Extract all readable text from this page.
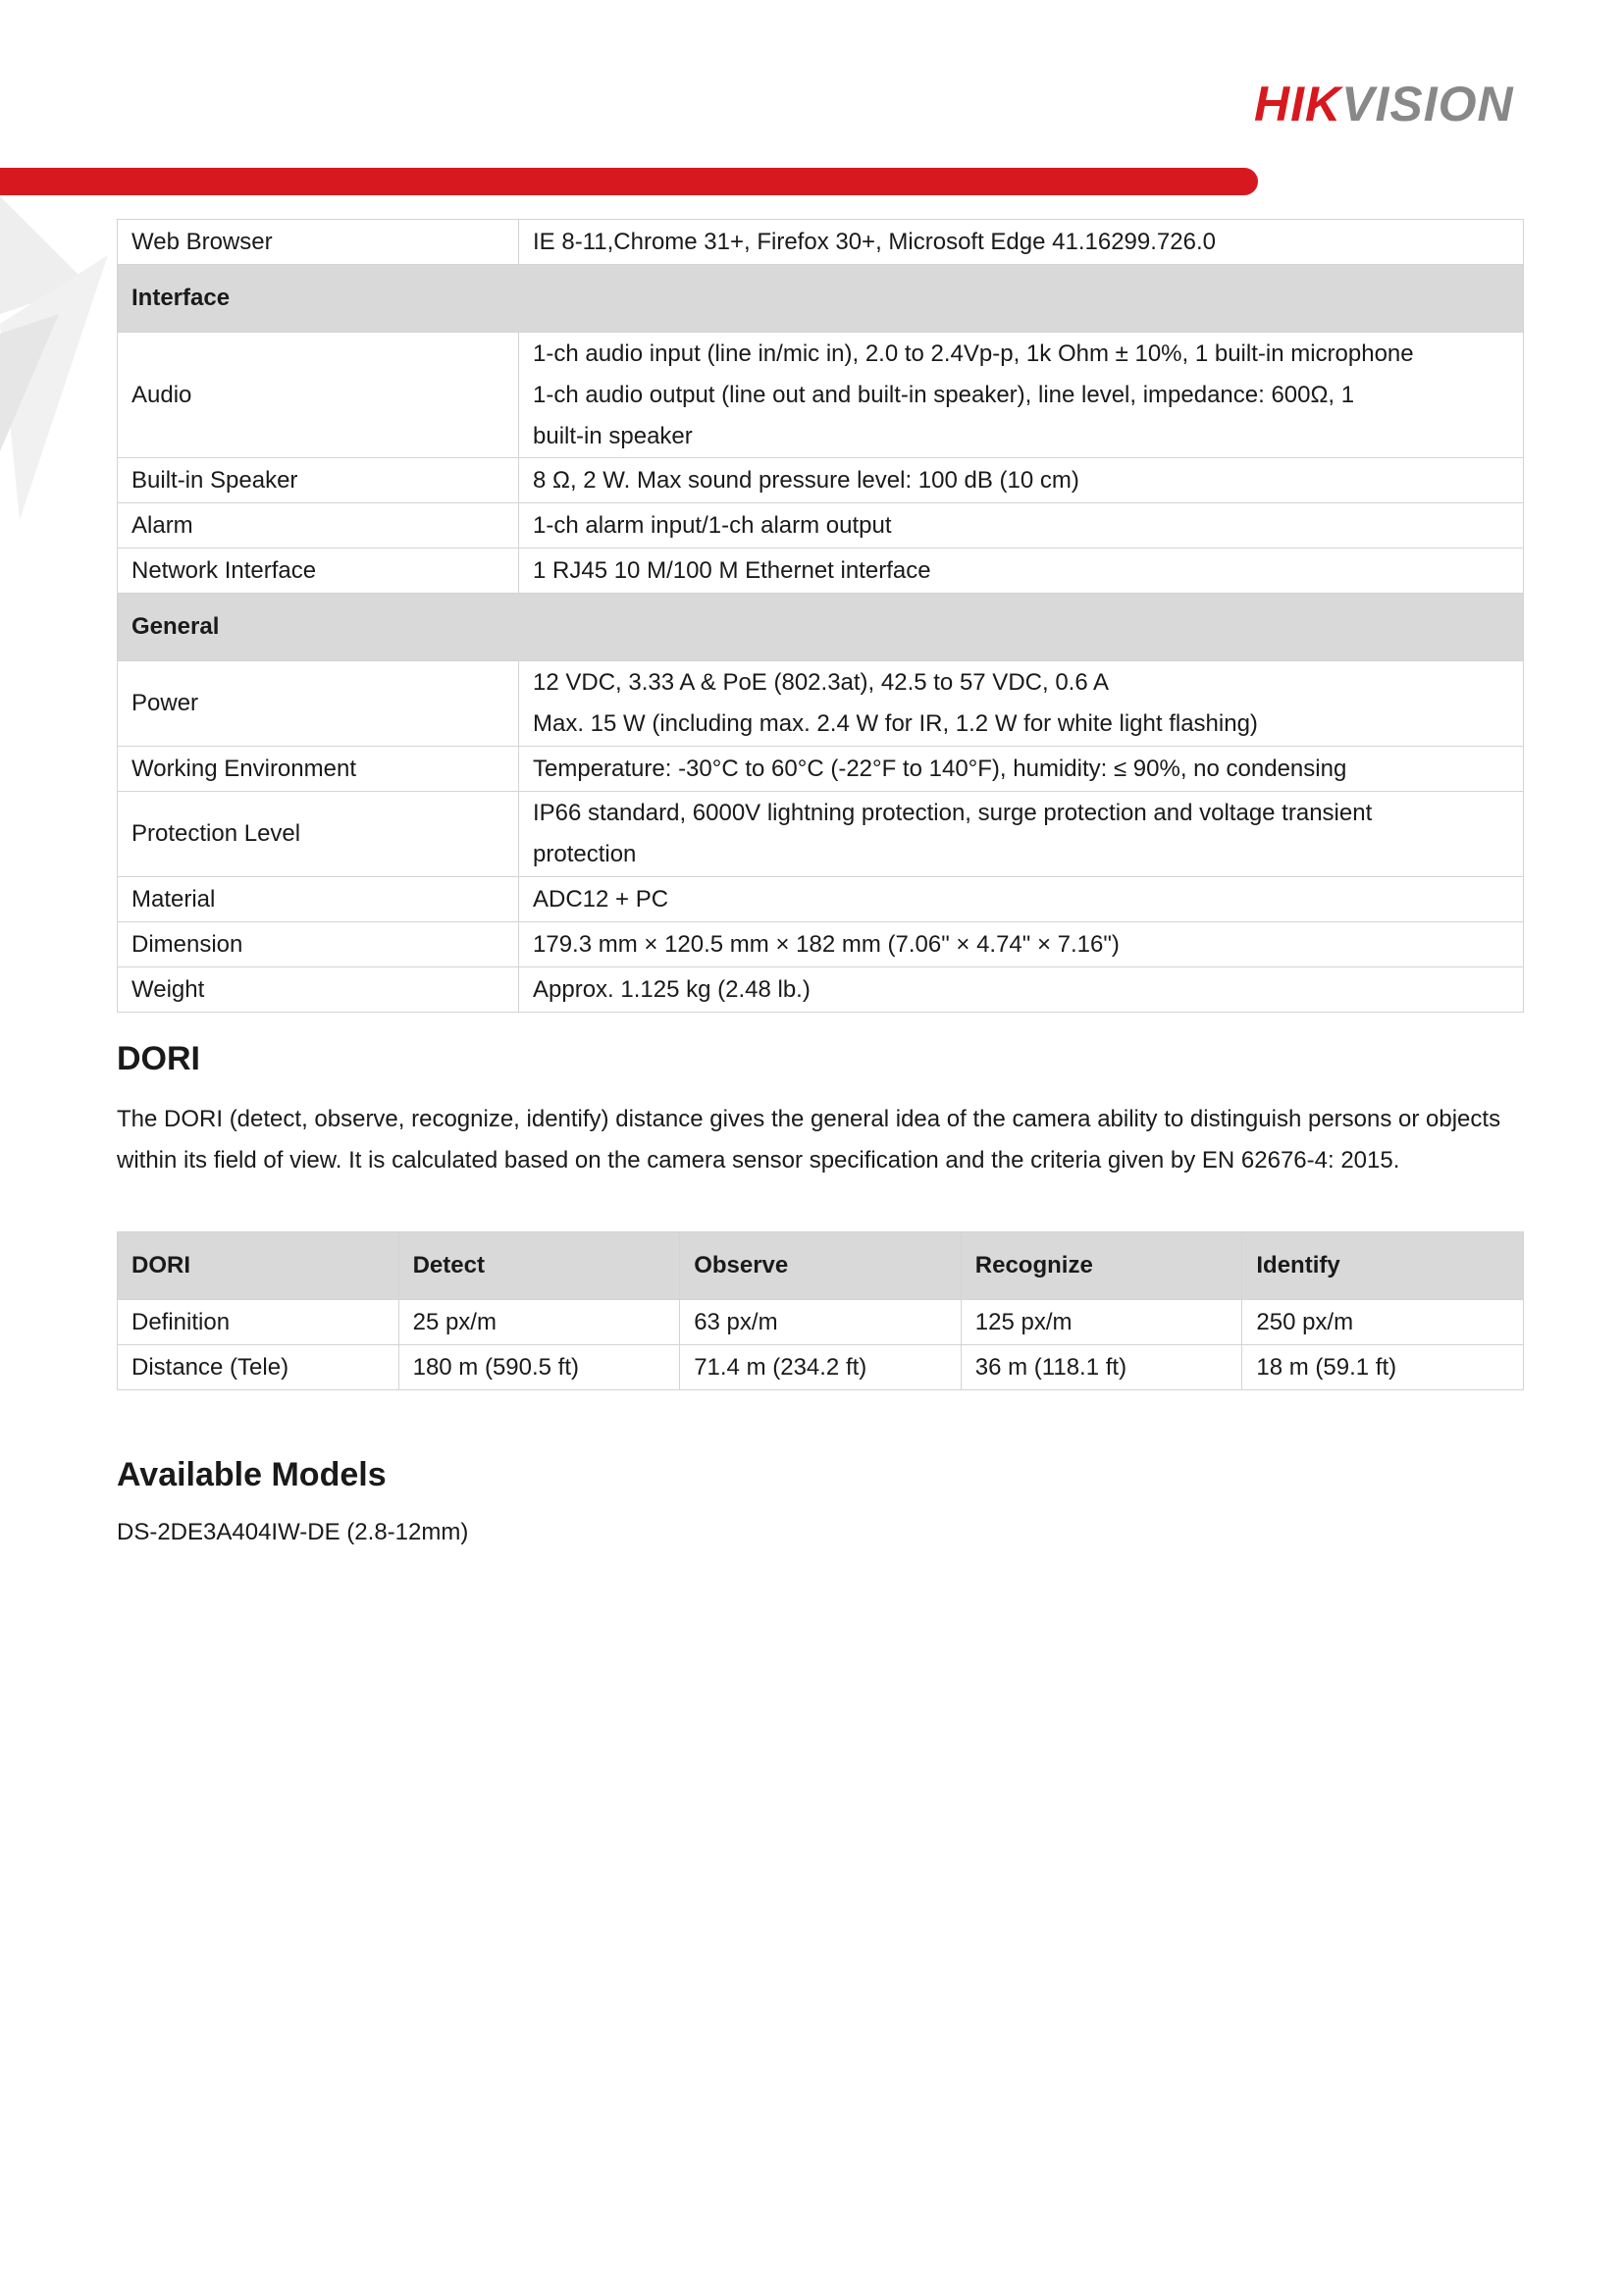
HIKVISION
Web Browser	IE 8-11,Chrome 31+, Firefox 30+, Microsoft Edge 41.16299.726.0

Interface	
Audio	1-ch audio input (line in/mic in), 2.0 to 2.4Vp-p, 1k Ohm ± 10%, 1 built-in microphone
1-ch audio output (line out and built-in speaker), line level, impedance: 600Ω, 1
built-in speaker

Built-in Speaker	8 Ω, 2 W. Max sound pressure level: 100 dB (10 cm)

Alarm	1-ch alarm input/1-ch alarm output

Network Interface	1 RJ45 10 M/100 M Ethernet interface

General	
Power	12 VDC, 3.33 A & PoE (802.3at), 42.5 to 57 VDC, 0.6 A
Max. 15 W (including max. 2.4 W for IR, 1.2 W for white light flashing)

Working Environment	Temperature: -30°C to 60°C (-22°F to 140°F), humidity: ≤ 90%, no condensing

Protection Level	IP66 standard, 6000V lightning protection, surge protection and voltage transient
protection

Material	ADC12 + PC

Dimension	179.3 mm × 120.5 mm × 182 mm (7.06" × 4.74" × 7.16")

Weight	Approx. 1.125 kg (2.48 lb.)
DORI
The DORI (detect, observe, recognize, identify) distance gives the general idea of the camera ability to distinguish persons or objects within its field of view. It is calculated based on the camera sensor specification and the criteria given by EN 62676-4: 2015.
DORI	Detect	Observe	Recognize	Identify
Definition	25 px/m	63 px/m	125 px/m	250 px/m
Distance (Tele)	180 m (590.5 ft)	71.4 m (234.2 ft)	36 m (118.1 ft)	18 m (59.1 ft)
Available Models
DS-2DE3A404IW-DE (2.8-12mm)
